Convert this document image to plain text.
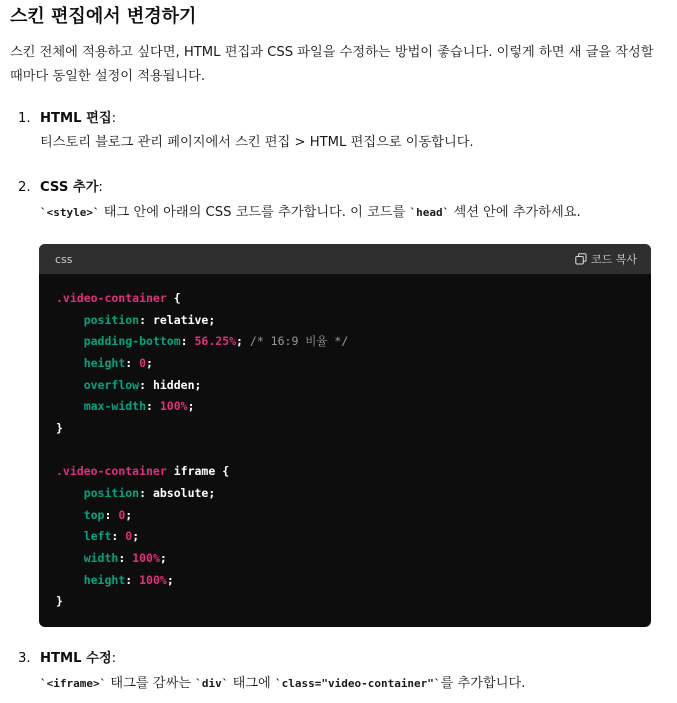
스킨 편집에서 변경하기

스킨 전체에 적용하고 싶다면, HTML 편집과 CSS 파일을 수정하는 방법이 좋습니다. 이렇게 하면 새 글을 작성할 때마다 동일한 설정이 적용됩니다.

1. HTML 편집:
티스토리 블로그 관리 페이지에서 스킨 편집 > HTML 편집으로 이동합니다.
2. CSS 추가:
`<style>` 태그 안에 아래의 CSS 코드를 추가합니다. 이 코드를 `head` 섹션 안에 추가하세요.
css	코드 복사
.video-container {
position: relative;
padding-bottom: 56.25%; /* 16:9 비율 */
height: 0;
overflow: hidden;
max-width: 100%;
}

.video-container iframe {
position: absolute;
top: 0;
left: 0;
width: 100%;
height: 100%;
}
3. HTML 수정:
`<iframe>` 태그를 감싸는 `div` 태그에 `class="video-container"`를 추가합니다.
